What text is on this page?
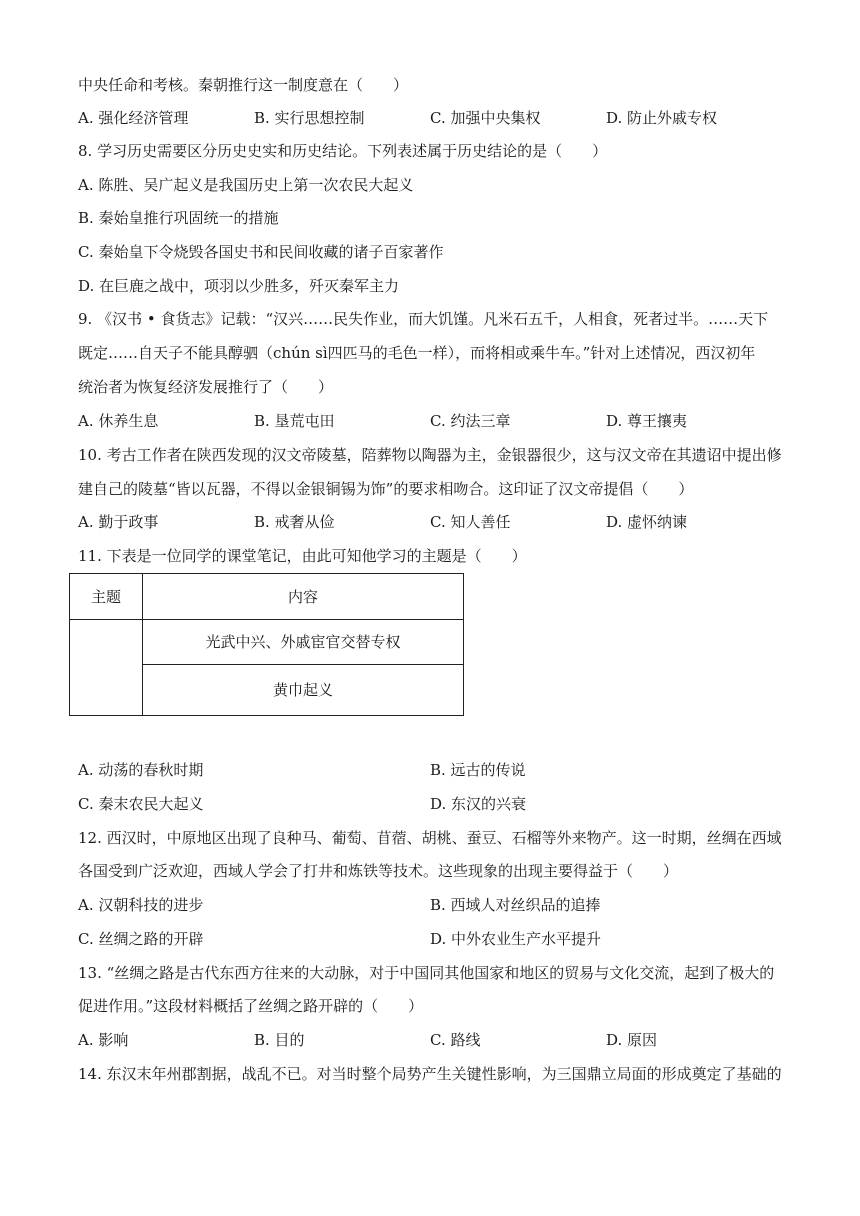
中央任命和考核。秦朝推行这一制度意在（　　）
A. 强化经济管理	B. 实行思想控制	C. 加强中央集权	D. 防止外戚专权
8. 学习历史需要区分历史史实和历史结论。下列表述属于历史结论的是（　　）
A. 陈胜、吴广起义是我国历史上第一次农民大起义
B. 秦始皇推行巩固统一的措施
C. 秦始皇下令烧毁各国史书和民间收藏的诸子百家著作
D. 在巨鹿之战中，项羽以少胜多，歼灭秦军主力
9. 《汉书 • 食货志》记载：“汉兴……民失作业，而大饥馑。凡米石五千，人相食，死者过半。……天下
既定……自天子不能具醇驷（chún sì四匹马的毛色一样），而将相或乘牛车。”针对上述情况，西汉初年
统治者为恢复经济发展推行了（　　）
A. 休养生息	B. 垦荒屯田	C. 约法三章	D. 尊王攘夷
10. 考古工作者在陕西发现的汉文帝陵墓，陪葬物以陶器为主，金银器很少，这与汉文帝在其遗诏中提出修
建自己的陵墓“皆以瓦器，不得以金银铜锡为饰”的要求相吻合。这印证了汉文帝提倡（　　）
A. 勤于政事	B. 戒奢从俭	C. 知人善任	D. 虚怀纳谏
11. 下表是一位同学的课堂笔记，由此可知他学习的主题是（　　）
主题	内容
	光武中兴、外戚宦官交替专权
	黄巾起义
A. 动荡的春秋时期	B. 远古的传说
C. 秦末农民大起义	D. 东汉的兴衰
12. 西汉时，中原地区出现了良种马、葡萄、苜蓿、胡桃、蚕豆、石榴等外来物产。这一时期，丝绸在西域
各国受到广泛欢迎，西域人学会了打井和炼铁等技术。这些现象的出现主要得益于（　　）
A. 汉朝科技的进步	B. 西域人对丝织品的追捧
C. 丝绸之路的开辟	D. 中外农业生产水平提升
13. “丝绸之路是古代东西方往来的大动脉，对于中国同其他国家和地区的贸易与文化交流，起到了极大的
促进作用。”这段材料概括了丝绸之路开辟的（　　）
A. 影响	B. 目的	C. 路线	D. 原因
14. 东汉末年州郡割据，战乱不已。对当时整个局势产生关键性影响，为三国鼎立局面的形成奠定了基础的
